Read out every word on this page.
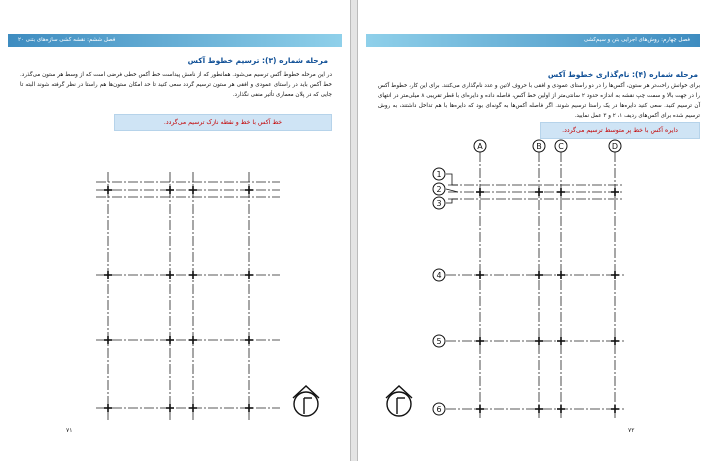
فصل ششم: نقشه کشی سازه‌های بتنی ۲۰
مرحله شماره (۳): ترسیم خطوط آکس
در این مرحله خطوط آکس ترسیم می‌شود. همانطور که از نامش پیداست خط آکس خطی فرضی است که از وسط هر ستون می‌گذرد. خط آکس باید در راستای عمودی و افقی هر ستون ترسیم گردد سعی کنید تا حد امکان ستون‌ها هم راستا در نظر گرفته شوند البته تا جایی که در پلان معماری تأثیر منفی نگذارد.
خط آکس با خط و نقطه نازک ترسیم می‌گردد.
۷۱
فصل چهارم: روش‌های اجرایی بتن و سیم‌کشی
مرحله شماره (۴): نام‌گذاری خطوط آکس
برای خوانش راحت‌تر هر ستون، آکس‌ها را در دو راستای عمودی و افقی با حروف لاتین و عدد نام‌گذاری می‌کنند. برای این کار، خطوط آکس را در جهت بالا و سمت چپ نقشه به اندازه حدود ۲ سانتی‌متر از اولین خط آکس، فاصله داده و دایره‌ای با قطر تقریبی ۸ میلی‌متر در انتهای آن ترسیم کنید. سعی کنید دایره‌ها در یک راستا ترسیم شوند. اگر فاصله آکس‌ها به گونه‌ای بود که دایره‌ها با هم تداخل داشتند، به روش ترسیم شده برای آکس‌های ردیف ۱، ۲ و ۳ عمل نمایید.
دایره آکس با خط پر متوسط ترسیم می‌گردد.
A	B C	D
1
2
3
4
5
6
۷۲
